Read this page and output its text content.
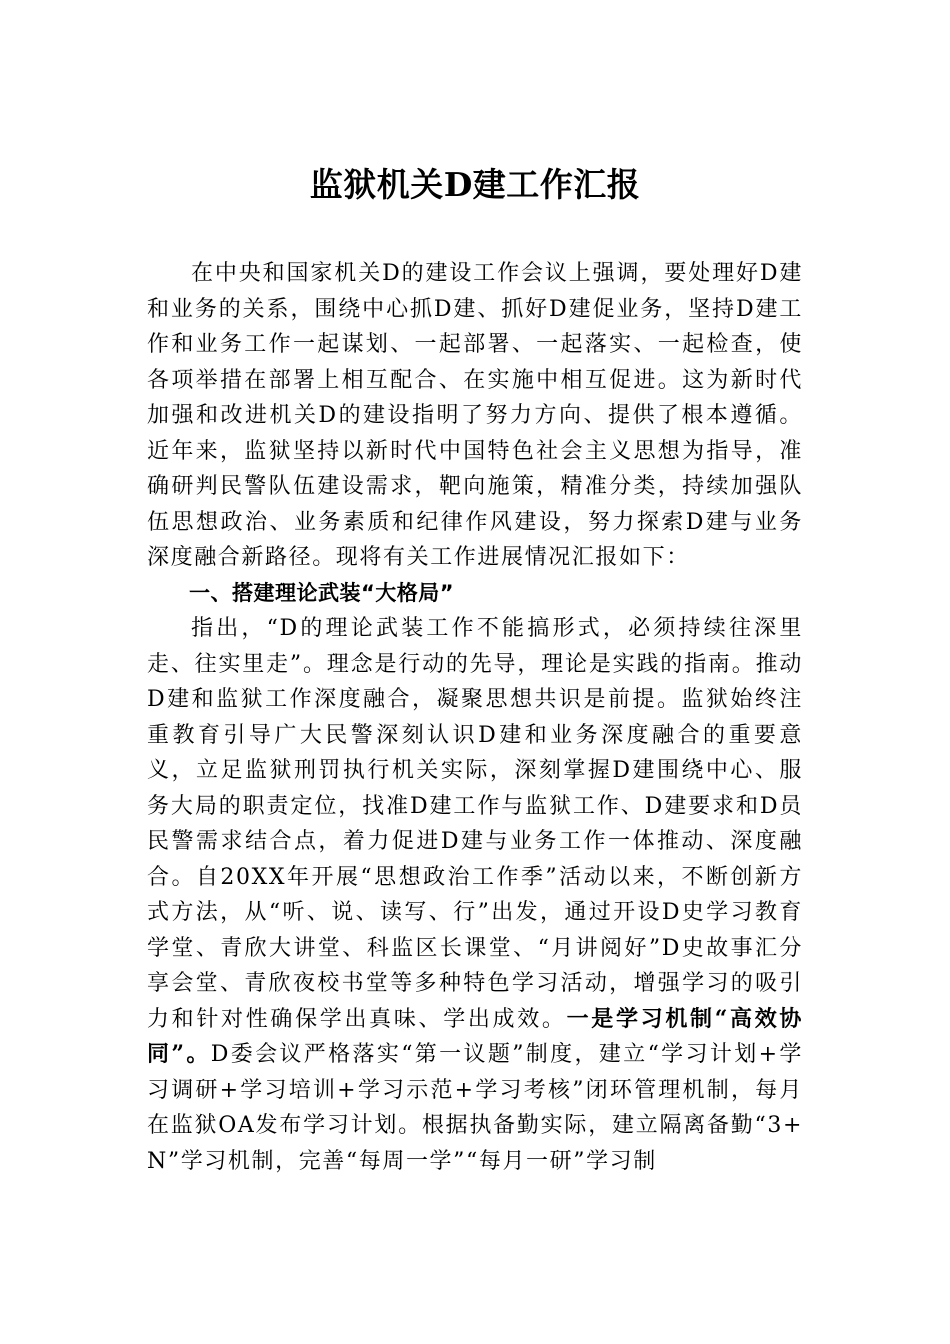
监狱机关D建工作汇报

在中央和国家机关D的建设工作会议上强调，要处理好D建和业务的关系，围绕中心抓D建、抓好D建促业务，坚持D建工作和业务工作一起谋划、一起部署、一起落实、一起检查，使各项举措在部署上相互配合、在实施中相互促进。这为新时代加强和改进机关D的建设指明了努力方向、提供了根本遵循。近年来，监狱坚持以新时代中国特色社会主义思想为指导，准确研判民警队伍建设需求，靶向施策，精准分类，持续加强队伍思想政治、业务素质和纪律作风建设，努力探索D建与业务深度融合新路径。现将有关工作进展情况汇报如下：

一、搭建理论武装“大格局”

指出，“D的理论武装工作不能搞形式，必须持续往深里走、往实里走”。理念是行动的先导，理论是实践的指南。推动D建和监狱工作深度融合，凝聚思想共识是前提。监狱始终注重教育引导广大民警深刻认识D建和业务深度融合的重要意义，立足监狱刑罚执行机关实际，深刻掌握D建围绕中心、服务大局的职责定位，找准D建工作与监狱工作、D建要求和D员民警需求结合点，着力促进D建与业务工作一体推动、深度融合。自20XX年开展“思想政治工作季”活动以来，不断创新方式方法，从“听、说、读写、行”出发，通过开设D史学习教育学堂、青欣大讲堂、科监区长课堂、“月讲阅好”D史故事汇分享会堂、青欣夜校书堂等多种特色学习活动，增强学习的吸引力和针对性确保学出真味、学出成效。一是学习机制“高效协同”。D委会议严格落实“第一议题”制度，建立“学习计划+学习调研+学习培训+学习示范+学习考核”闭环管理机制，每月在监狱OA发布学习计划。根据执备勤实际，建立隔离备勤“3+N”学习机制，完善“每周一学”“每月一研”学习制
